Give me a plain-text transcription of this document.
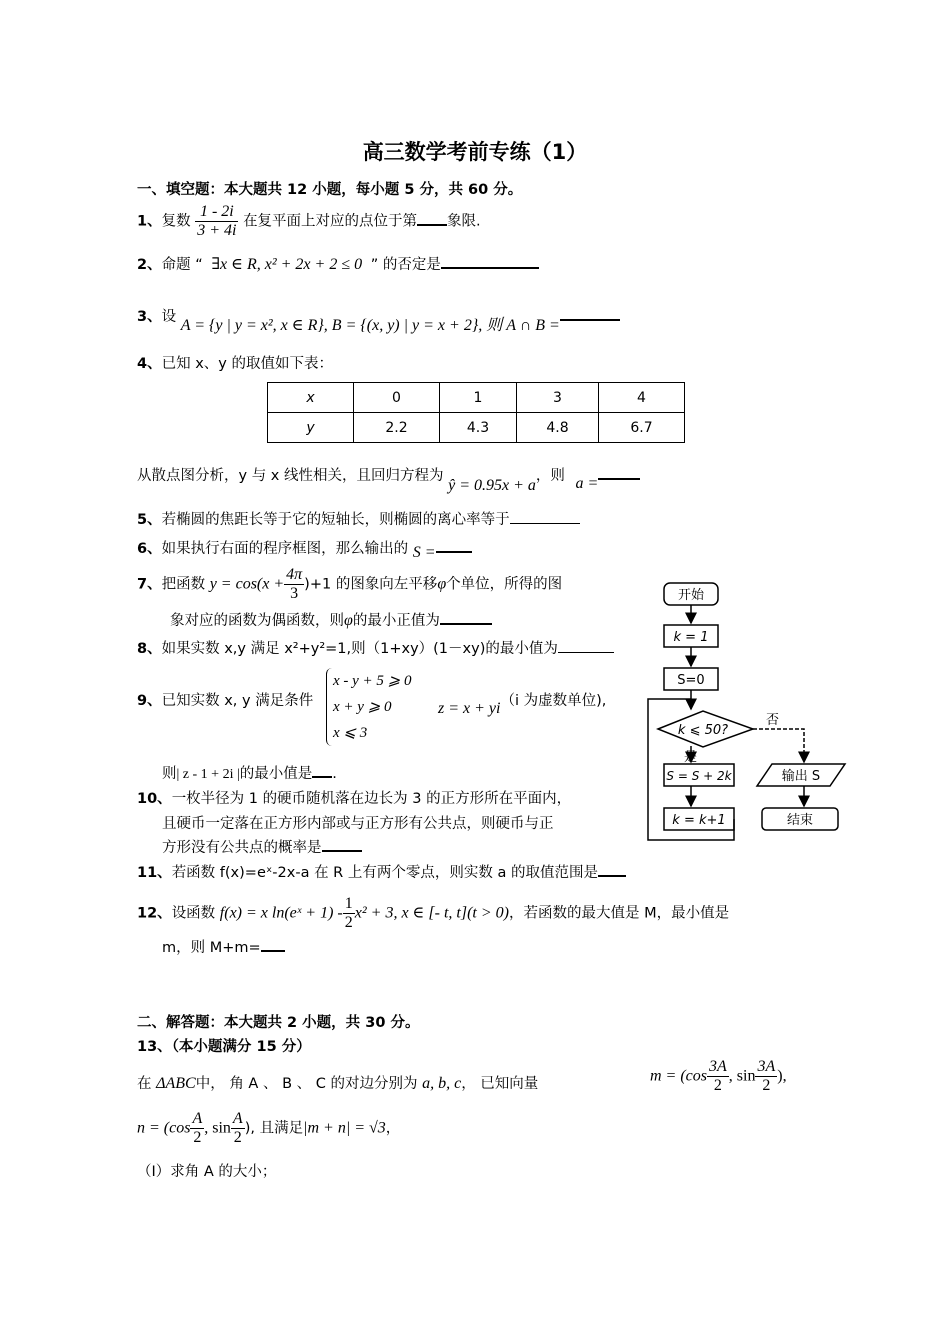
高三数学考前专练（1）
一、填空题：本大题共 12 小题，每小题 5 分，共 60 分。
1、复数 $\frac{1 - 2i}{3 + 4i}$ 在复平面上对应的点位于第 象限.
2、命题 “ ∃x ∈ R, x² + 2x + 2 ≤ 0 ” 的否定是
3、设 A = {y | y = x², x ∈ R}, B = {(x, y) | y = x + 2}, 则 A ∩ B =
4、已知 x、y 的取值如下表：
x	0	1	3	4
y	2.2	4.3	4.8	6.7
从散点图分析，y 与 x 线性相关，且回归方程为 ŷ = 0.95x + a，则 a =
5、若椭圆的焦距长等于它的短轴长，则椭圆的离心率等于
6、如果执行右面的程序框图，那么输出的 S =
7、把函数 $y = \cos(x + \frac{4\pi}{3} )+1$ 的图象向左平移φ个单位，所得的图
象对应的函数为偶函数，则φ的最小正值为
8、如果实数 x,y 满足 x²+y²=1,则（1+xy）(1－xy)的最小值为
9、已知实数 x, y 满足条件
x - y + 5 ⩾ 0
x + y ⩾ 0
x ⩽ 3
z = x + yi（i 为虚数单位),
则| z - 1 + 2i |的最小值是 .
10、一枚半径为 1 的硬币随机落在边长为 3 的正方形所在平面内，
且硬币一定落在正方形内部或与正方形有公共点，则硬币与正
方形没有公共点的概率是
11、若函数 f(x)=eˣ-2x-a 在 R 上有两个零点，则实数 a 的取值范围是
12、设函数 f(x) = x ln(eˣ + $1) - \frac{1}{2} x^2 + 3$, x ∈ [- t, t](t > 0)，若函数的最大值是 M，最小值是
m，则 M+m=
二、解答题：本大题共 2 小题，共 30 分。
13、（本小题满分 15 分）
在 ΔABC中， 角 A 、 B 、 C 的对边分别为 a, b, c， 已知向量	$m = (\cos \frac{3A}{2}$ , $\sin \frac{3A}{2}$ ),
$n = (\cos \frac{A}{2}$ , $\sin \frac{A}{2}$ ), 且满足|m + n| = √3，
（Ⅰ）求角 A 的大小；
开始
k = 1
S=0
k ⩽ 50?
否
是
S = S + 2k
k = k+1
输出 S
结束
